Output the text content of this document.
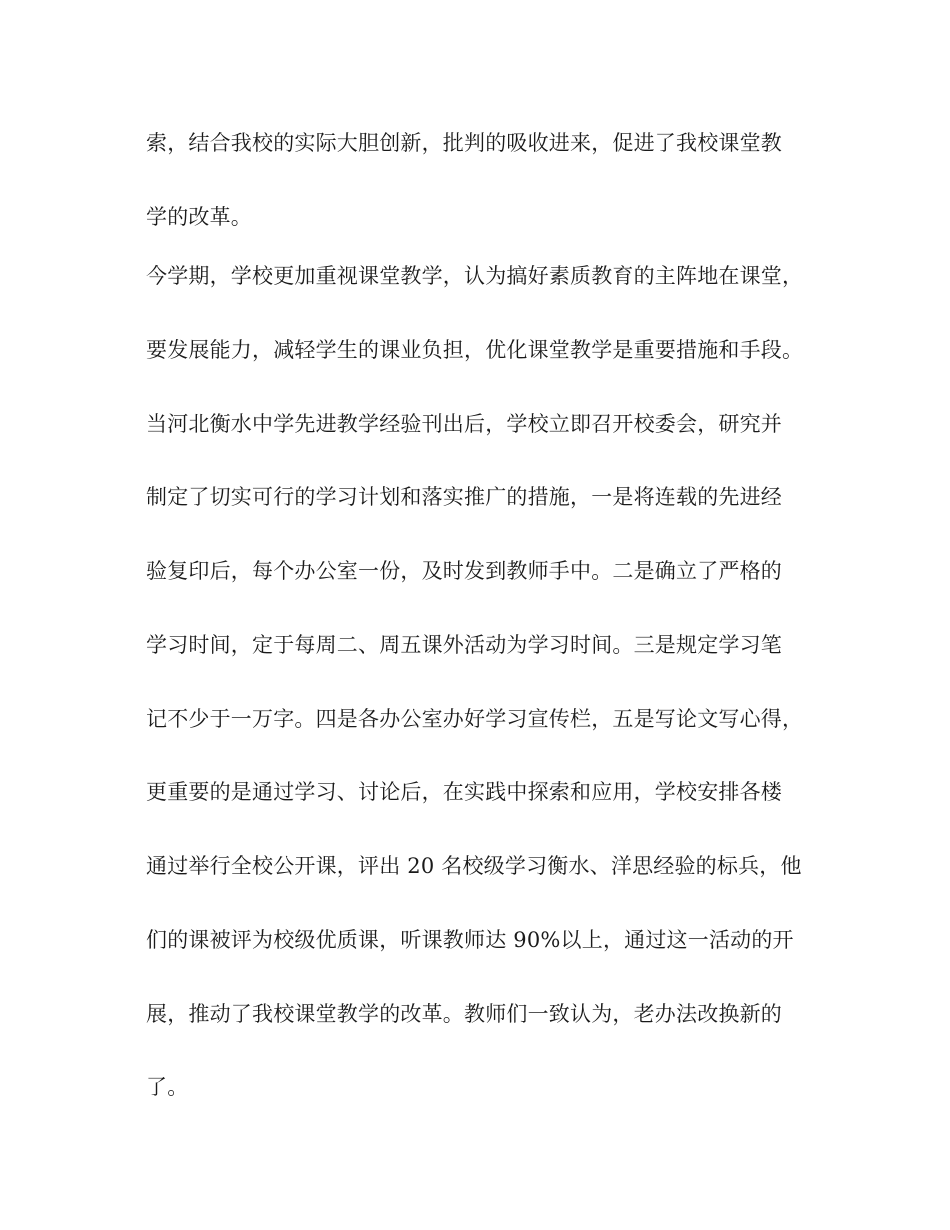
索，结合我校的实际大胆创新，批判的吸收进来，促进了我校课堂教

学的改革。

今学期，学校更加重视课堂教学，认为搞好素质教育的主阵地在课堂，

要发展能力，减轻学生的课业负担，优化课堂教学是重要措施和手段。

当河北衡水中学先进教学经验刊出后，学校立即召开校委会，研究并

制定了切实可行的学习计划和落实推广的措施，一是将连载的先进经

验复印后，每个办公室一份，及时发到教师手中。二是确立了严格的

学习时间，定于每周二、周五课外活动为学习时间。三是规定学习笔

记不少于一万字。四是各办公室办好学习宣传栏，五是写论文写心得，

更重要的是通过学习、讨论后，在实践中探索和应用，学校安排各楼

通过举行全校公开课，评出 20 名校级学习衡水、洋思经验的标兵，他

们的课被评为校级优质课，听课教师达 90%以上，通过这一活动的开

展，推动了我校课堂教学的改革。教师们一致认为，老办法改换新的

了。
